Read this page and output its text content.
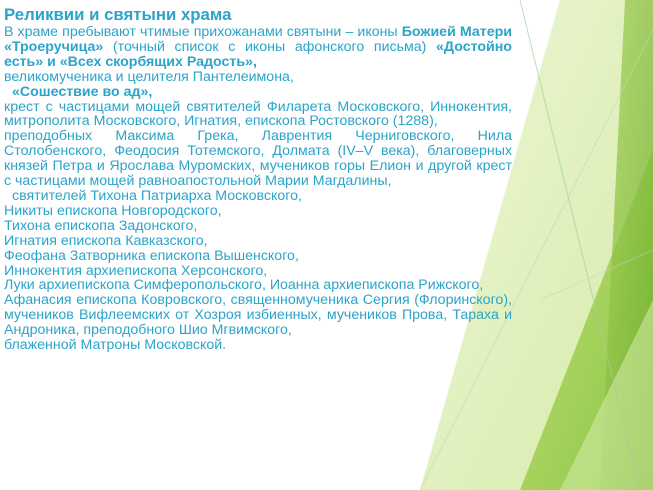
Реликвии и святыни храма

В храме пребывают чтимые прихожанами святыни – иконы Божией Матери «Троеручица» (точный список с иконы афонского письма) «Достойно есть» и «Всех скорбящих Радость»,

великомученика и целителя Пантелеимона,

«Сошествие во ад»,

крест с частицами мощей святителей Филарета Московского, Иннокентия, митрополита Московского, Игнатия, епископа Ростовского (1288),

преподобных Максима Грека, Лаврентия Черниговского, Нила Столобенского, Феодосия Тотемского, Долмата (IV–V века), благоверных князей Петра и Ярослава Муромских, мучеников горы Елион и другой крест с частицами мощей равноапостольной Марии Магдалины,

святителей Тихона Патриарха Московского,

Никиты епископа Новгородского,

Тихона епископа Задонского,

Игнатия епископа Кавказского,

Феофана Затворника епископа Вышенского,

Иннокентия архиепископа Херсонского,

Луки архиепископа Симферопольского, Иоанна архиепископа Рижского,

Афанасия епископа Ковровского, священномученика Сергия (Флоринского), мучеников Вифлеемских от Хозроя избиенных, мучеников Прова, Тараха и Андроника, преподобного Шио Мгвимского,

блаженной Матроны Московской.
